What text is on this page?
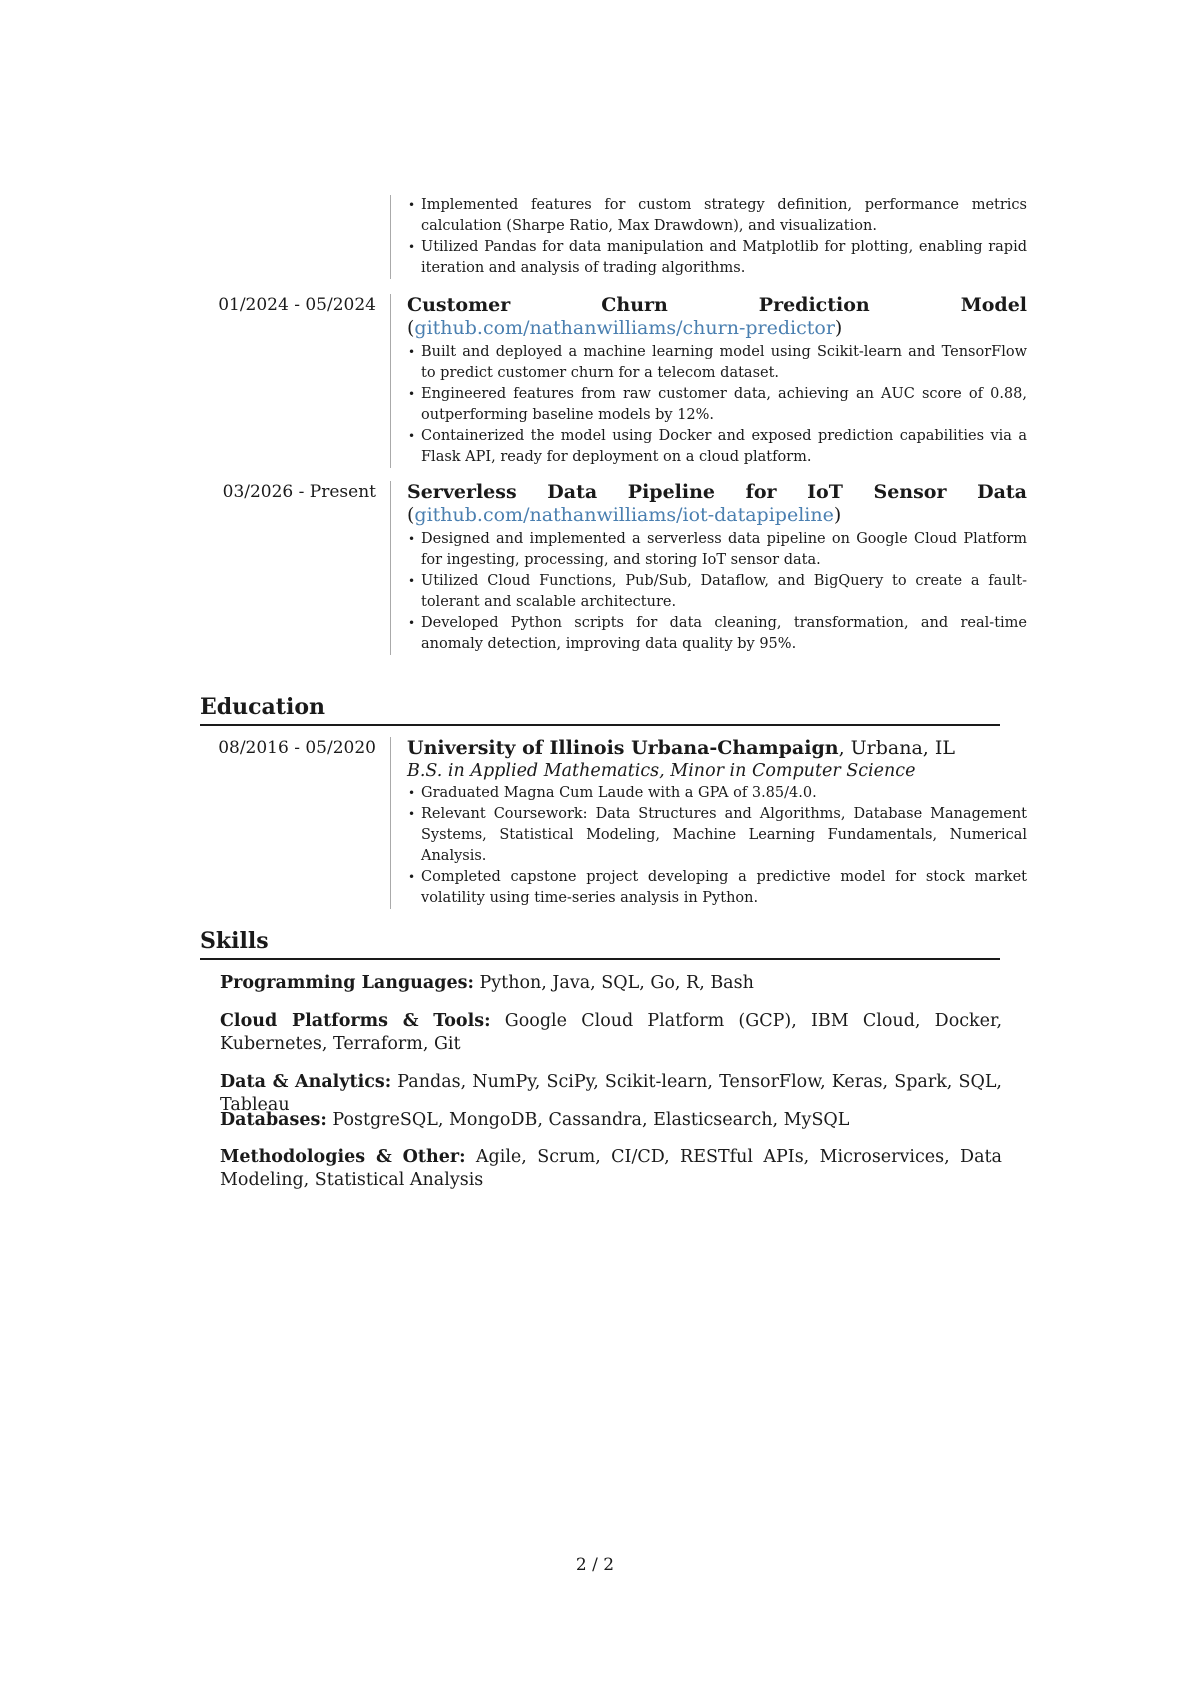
• Implemented features for custom strategy definition, performance metrics calculation (Sharpe Ratio, Max Drawdown), and visualization.
• Utilized Pandas for data manipulation and Matplotlib for plotting, enabling rapid iteration and analysis of trading algorithms.
01/2024 - 05/2024 Customer Churn Prediction Model (github.com/nathanwilliams/churn-predictor)

• Built and deployed a machine learning model using Scikit-learn and TensorFlow to predict customer churn for a telecom dataset.
• Engineered features from raw customer data, achieving an AUC score of 0.88, outperforming baseline models by 12%.
• Containerized the model using Docker and exposed prediction capabilities via a Flask API, ready for deployment on a cloud platform.
03/2026 - Present Serverless Data Pipeline for IoT Sensor Data (github.com/nathanwilliams/iot-datapipeline)

• Designed and implemented a serverless data pipeline on Google Cloud Platform for ingesting, processing, and storing IoT sensor data.
• Utilized Cloud Functions, Pub/Sub, Dataflow, and BigQuery to create a fault-tolerant and scalable architecture.
• Developed Python scripts for data cleaning, transformation, and real-time anomaly detection, improving data quality by 95%.
Education
08/2016 - 05/2020 University of Illinois Urbana-Champaign, Urbana, IL

B.S. in Applied Mathematics, Minor in Computer Science

• Graduated Magna Cum Laude with a GPA of 3.85/4.0.
• Relevant Coursework: Data Structures and Algorithms, Database Management Systems, Statistical Modeling, Machine Learning Fundamentals, Numerical Analysis.
• Completed capstone project developing a predictive model for stock market volatility using time-series analysis in Python.
Skills

Programming Languages: Python, Java, SQL, Go, R, Bash

Cloud Platforms & Tools: Google Cloud Platform (GCP), IBM Cloud, Docker, Kubernetes, Terraform, Git

Data & Analytics: Pandas, NumPy, SciPy, Scikit-learn, TensorFlow, Keras, Spark, SQL, Tableau

Databases: PostgreSQL, MongoDB, Cassandra, Elasticsearch, MySQL

Methodologies & Other: Agile, Scrum, CI/CD, RESTful APIs, Microservices, Data Modeling, Statistical Analysis

2 / 2
